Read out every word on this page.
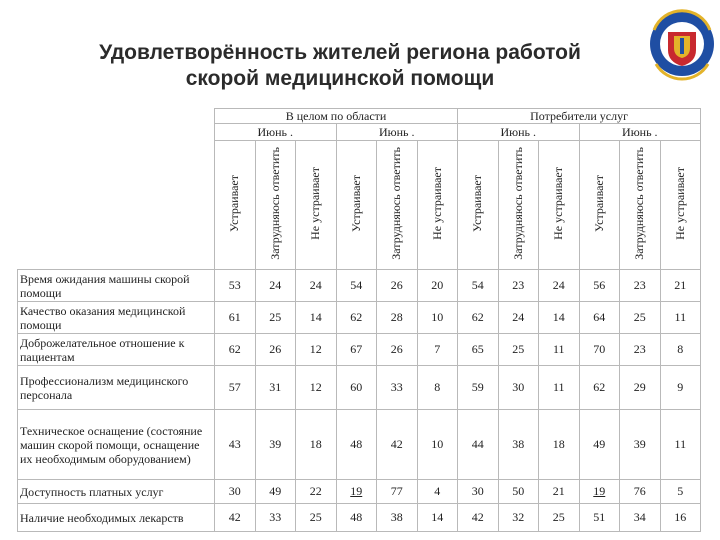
Удовлетворённость жителей региона работой скорой медицинской помощи
	В целом по области						Потребители услуг					
	Июнь .			Июнь .			Июнь .			Июнь .		
	Устраивает	Затрудняюсь ответить	Не устраивает	Устраивает	Затрудняюсь ответить	Не устраивает	Устраивает	Затрудняюсь ответить	Не устраивает	Устраивает	Затрудняюсь ответить	Не устраивает
Время ожидания машины скорой помощи	53	24	24	54	26	20	54	23	24	56	23	21
Качество оказания медицинской помощи	61	25	14	62	28	10	62	24	14	64	25	11
Доброжелательное отношение к пациентам	62	26	12	67	26	7	65	25	11	70	23	8
Профессионализм медицинского персонала	57	31	12	60	33	8	59	30	11	62	29	9
Техническое оснащение (состояние машин скорой помощи, оснащение их необходимым оборудованием)	43	39	18	48	42	10	44	38	18	49	39	11
Доступность платных услуг	30	49	22	19	77	4	30	50	21	19	76	5
Наличие необходимых лекарств	42	33	25	48	38	14	42	32	25	51	34	16
